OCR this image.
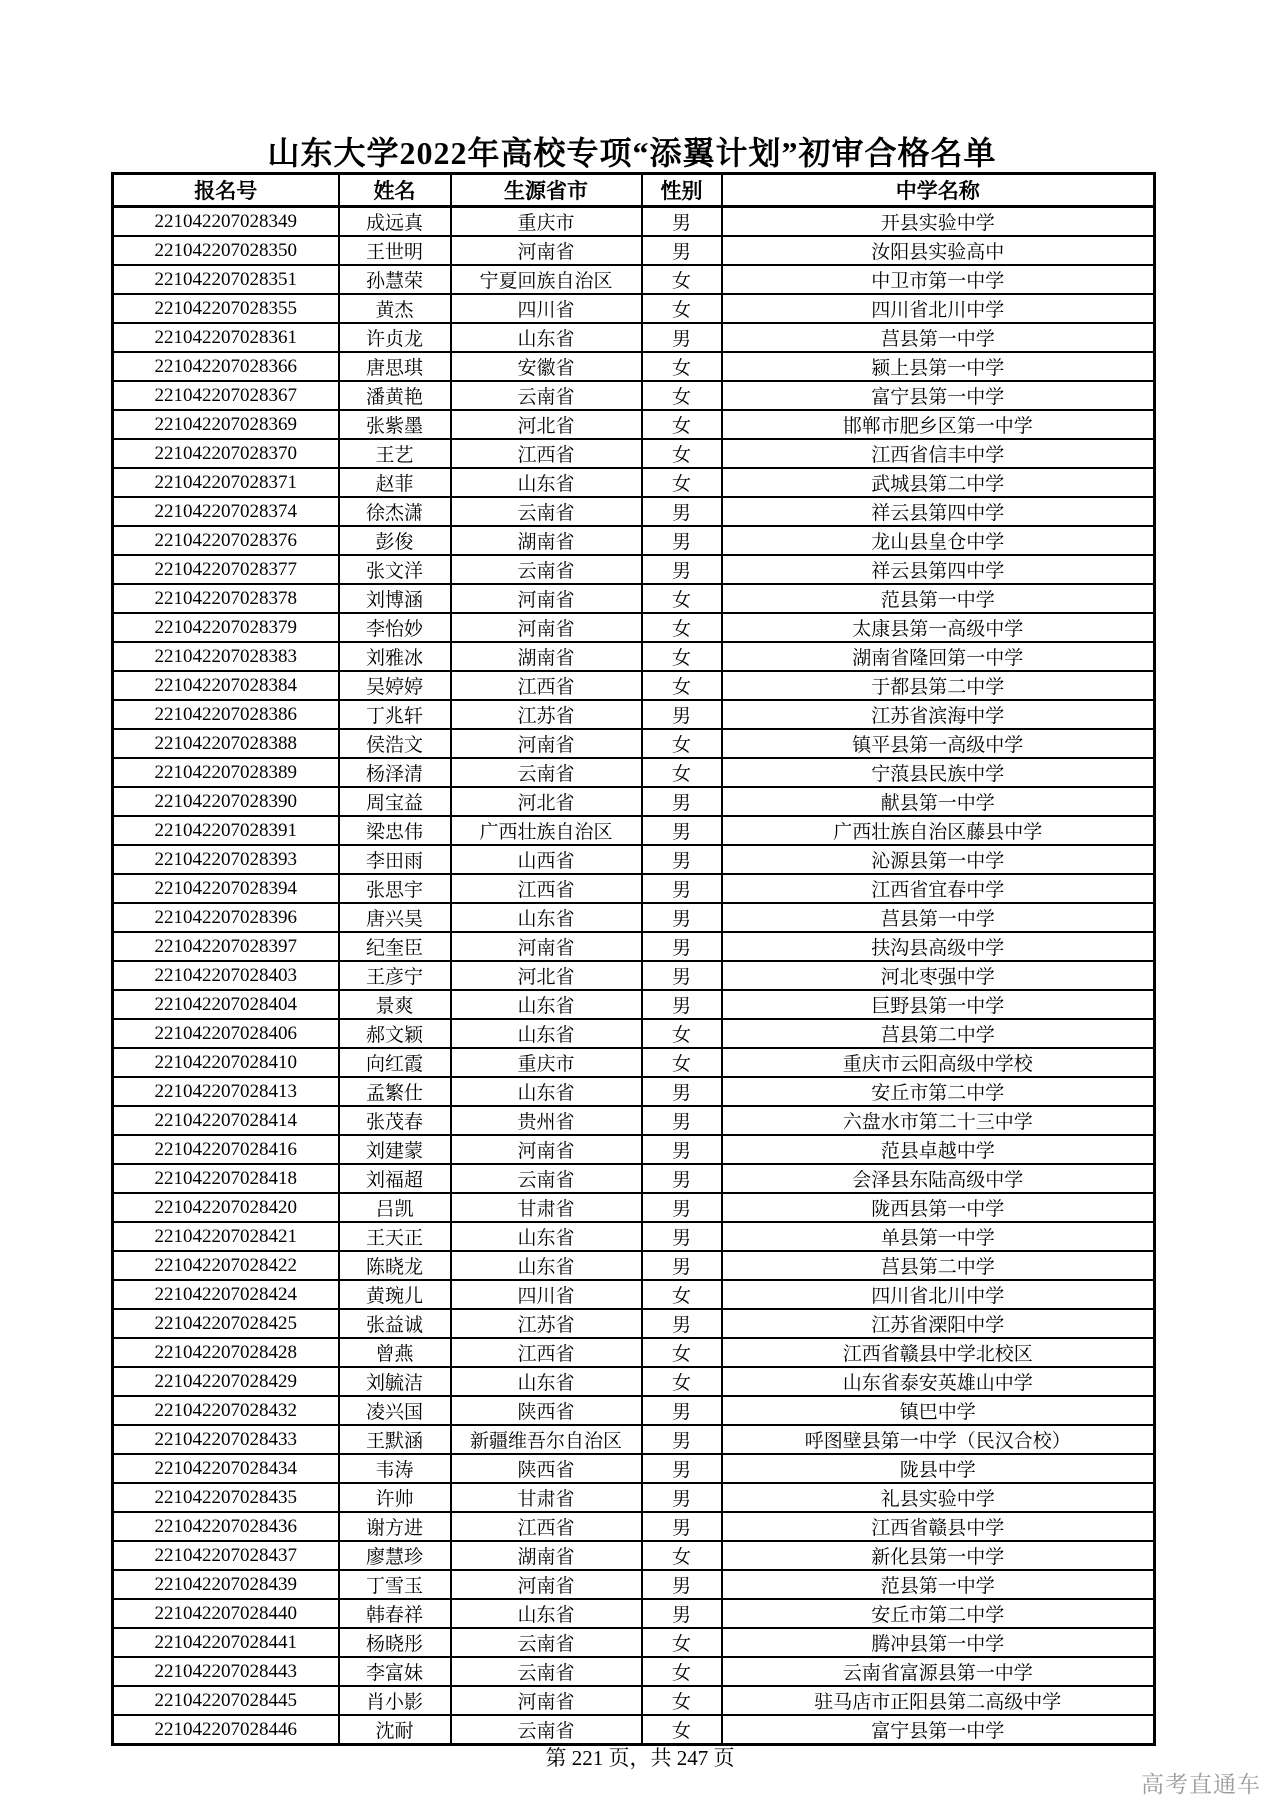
山东大学2022年高校专项“添翼计划”初审合格名单
报名号	姓名	生源省市	性别	中学名称
221042207028349	成远真	重庆市	男	开县实验中学
221042207028350	王世明	河南省	男	汝阳县实验高中
221042207028351	孙慧荣	宁夏回族自治区	女	中卫市第一中学
221042207028355	黄杰	四川省	女	四川省北川中学
221042207028361	许贞龙	山东省	男	莒县第一中学
221042207028366	唐思琪	安徽省	女	颍上县第一中学
221042207028367	潘黄艳	云南省	女	富宁县第一中学
221042207028369	张紫墨	河北省	女	邯郸市肥乡区第一中学
221042207028370	王艺	江西省	女	江西省信丰中学
221042207028371	赵菲	山东省	女	武城县第二中学
221042207028374	徐杰潇	云南省	男	祥云县第四中学
221042207028376	彭俊	湖南省	男	龙山县皇仓中学
221042207028377	张文洋	云南省	男	祥云县第四中学
221042207028378	刘博涵	河南省	女	范县第一中学
221042207028379	李怡妙	河南省	女	太康县第一高级中学
221042207028383	刘雅冰	湖南省	女	湖南省隆回第一中学
221042207028384	吴婷婷	江西省	女	于都县第二中学
221042207028386	丁兆轩	江苏省	男	江苏省滨海中学
221042207028388	侯浩文	河南省	女	镇平县第一高级中学
221042207028389	杨泽清	云南省	女	宁蒗县民族中学
221042207028390	周宝益	河北省	男	献县第一中学
221042207028391	梁忠伟	广西壮族自治区	男	广西壮族自治区藤县中学
221042207028393	李田雨	山西省	男	沁源县第一中学
221042207028394	张思宇	江西省	男	江西省宜春中学
221042207028396	唐兴昊	山东省	男	莒县第一中学
221042207028397	纪奎臣	河南省	男	扶沟县高级中学
221042207028403	王彦宁	河北省	男	河北枣强中学
221042207028404	景爽	山东省	男	巨野县第一中学
221042207028406	郝文颖	山东省	女	莒县第二中学
221042207028410	向红霞	重庆市	女	重庆市云阳高级中学校
221042207028413	孟繁仕	山东省	男	安丘市第二中学
221042207028414	张茂春	贵州省	男	六盘水市第二十三中学
221042207028416	刘建蒙	河南省	男	范县卓越中学
221042207028418	刘福超	云南省	男	会泽县东陆高级中学
221042207028420	吕凯	甘肃省	男	陇西县第一中学
221042207028421	王天正	山东省	男	单县第一中学
221042207028422	陈晓龙	山东省	男	莒县第二中学
221042207028424	黄琬儿	四川省	女	四川省北川中学
221042207028425	张益诚	江苏省	男	江苏省溧阳中学
221042207028428	曾燕	江西省	女	江西省赣县中学北校区
221042207028429	刘毓洁	山东省	女	山东省泰安英雄山中学
221042207028432	凌兴国	陕西省	男	镇巴中学
221042207028433	王默涵	新疆维吾尔自治区	男	呼图壁县第一中学（民汉合校）
221042207028434	韦涛	陕西省	男	陇县中学
221042207028435	许帅	甘肃省	男	礼县实验中学
221042207028436	谢方进	江西省	男	江西省赣县中学
221042207028437	廖慧珍	湖南省	女	新化县第一中学
221042207028439	丁雪玉	河南省	男	范县第一中学
221042207028440	韩春祥	山东省	男	安丘市第二中学
221042207028441	杨晓彤	云南省	女	腾冲县第一中学
221042207028443	李富妹	云南省	女	云南省富源县第一中学
221042207028445	肖小影	河南省	女	驻马店市正阳县第二高级中学
221042207028446	沈耐	云南省	女	富宁县第一中学
第 221 页，共 247 页
高考直通车
